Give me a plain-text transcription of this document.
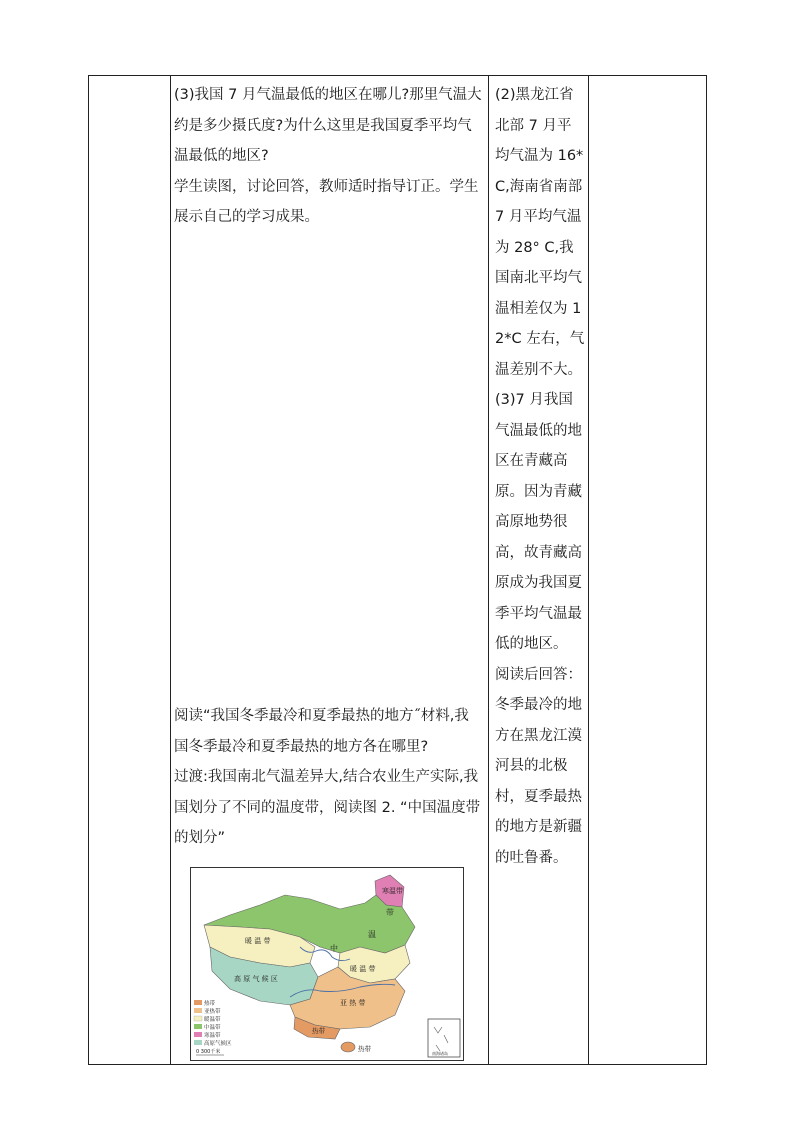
(3)我国 7 月气温最低的地区在哪儿?那里气温大约是多少摄氏度?为什么这里是我国夏季平均气温最低的地区?

学生读图，讨论回答，教师适时指导订正。学生展示自己的学习成果。

阅读“我国冬季最冷和夏季最热的地方˝材料,我国冬季最冷和夏季最热的地方各在哪里?

过渡:我国南北气温差异大,结合农业生产实际,我国划分了不同的温度带，阅读图 2. “中国温度带的划分”

(2)黑龙江省北部 7 月平均气温为 16*C,海南省南部 7 月平均气温为 28° C,我国南北平均气温相差仅为 12*C 左右，气温差别不大。

(3)7 月我国气温最低的地区在青藏高原。因为青藏高原地势很高，故青藏高原成为我国夏季平均气温最低的地区。

阅读后回答：冬季最冷的地方在黑龙江漠河县的北极村，夏季最热的地方是新疆的吐鲁番。

寒温带
温
带
中
暖 温 带
暖 温 带
高 原 气 候 区
亚 热 带
热带
热带
热带
亚热带
暖温带
中温带
寒温带
高原气候区
0 300千米	南海诸岛
